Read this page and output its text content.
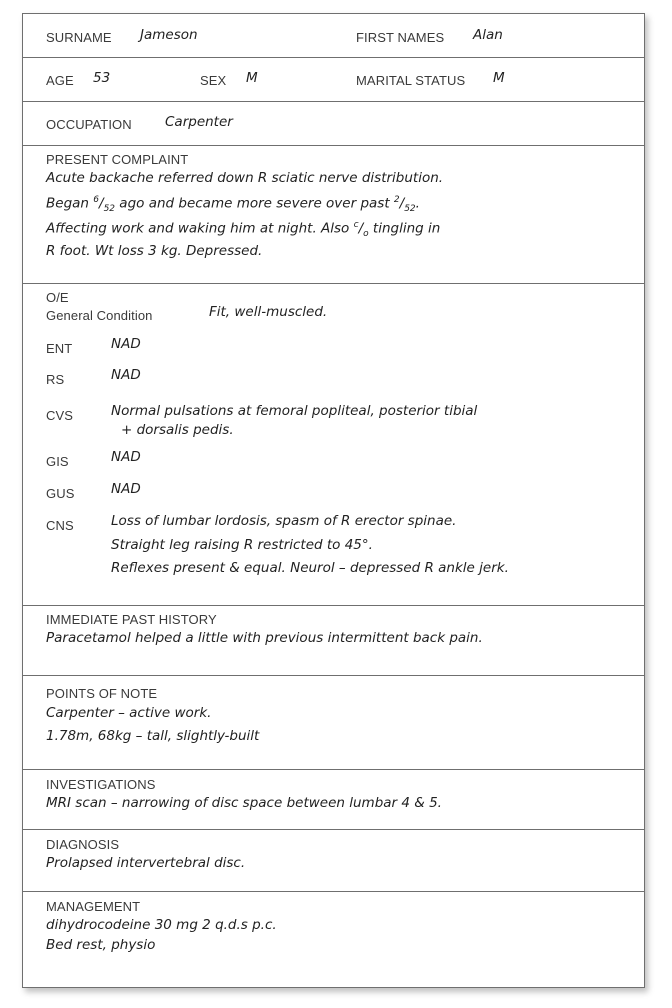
SURNAME Jameson	FIRST NAMES Alan
AGE 53	SEX M	MARITAL STATUS M
OCCUPATION Carpenter
PRESENT COMPLAINT
Acute backache referred down R sciatic nerve distribution.
Began $^6/_{52}$ ago and became more severe over past $^2/_{52}$.
Affecting work and waking him at night. Also $^c/_o$ tingling in
R foot. Wt loss 3 kg. Depressed.
O/E
General Condition	Fit, well-muscled.
ENT	NAD
RS	NAD
CVS	Normal pulsations at femoral popliteal, posterior tibial
+ dorsalis pedis.
GIS	NAD
GUS	NAD
CNS	Loss of lumbar lordosis, spasm of R erector spinae.
Straight leg raising R restricted to 45°.
Reflexes present & equal. Neurol – depressed R ankle jerk.
IMMEDIATE PAST HISTORY
Paracetamol helped a little with previous intermittent back pain.
POINTS OF NOTE
Carpenter – active work.
1.78m, 68kg – tall, slightly-built
INVESTIGATIONS
MRI scan – narrowing of disc space between lumbar 4 & 5.
DIAGNOSIS
Prolapsed intervertebral disc.
MANAGEMENT
dihydrocodeine 30 mg 2 q.d.s p.c.
Bed rest, physio
